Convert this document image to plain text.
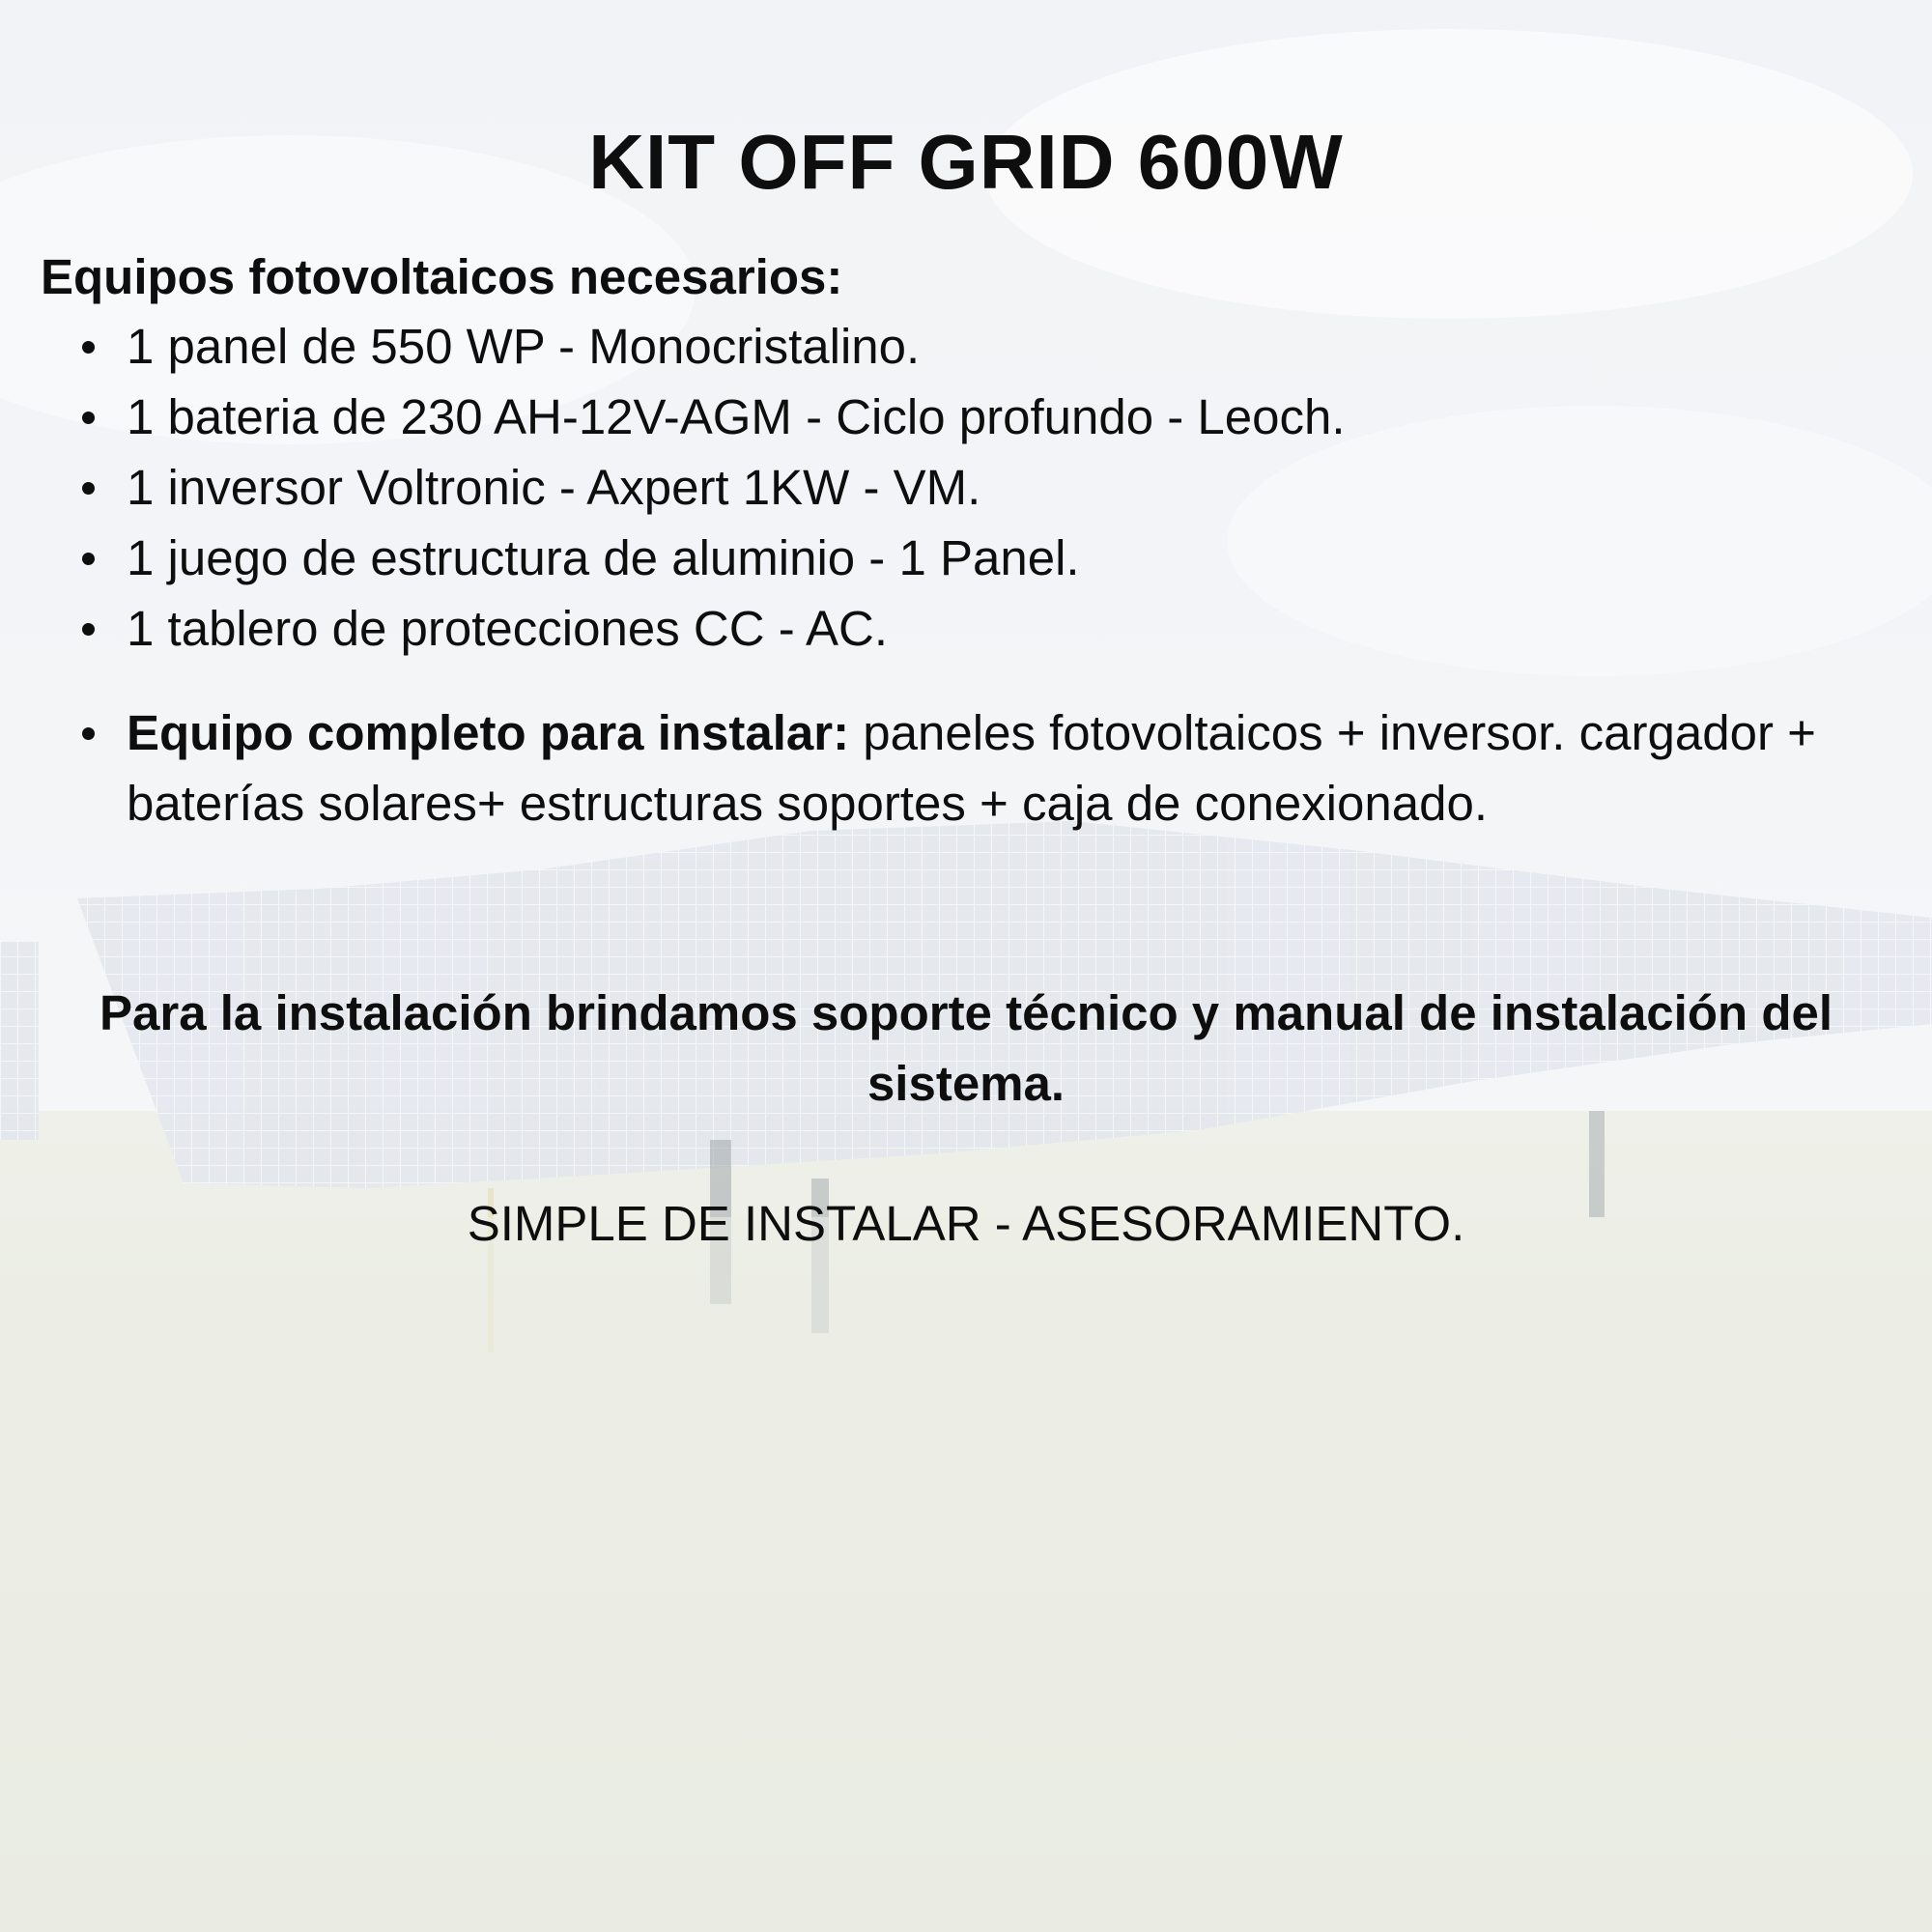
KIT OFF GRID 600W
Equipos fotovoltaicos necesarios:
1 panel de 550 WP - Monocristalino.
1 bateria de 230 AH-12V-AGM - Ciclo profundo - Leoch.
1 inversor Voltronic - Axpert 1KW - VM.
1 juego de estructura de aluminio - 1 Panel.
1 tablero de protecciones CC - AC.

Equipo completo para instalar: paneles fotovoltaicos + inversor. cargador + baterías solares+ estructuras soportes + caja de conexionado.

Para la instalación brindamos soporte técnico y manual de instalación del sistema.

SIMPLE DE INSTALAR - ASESORAMIENTO.
